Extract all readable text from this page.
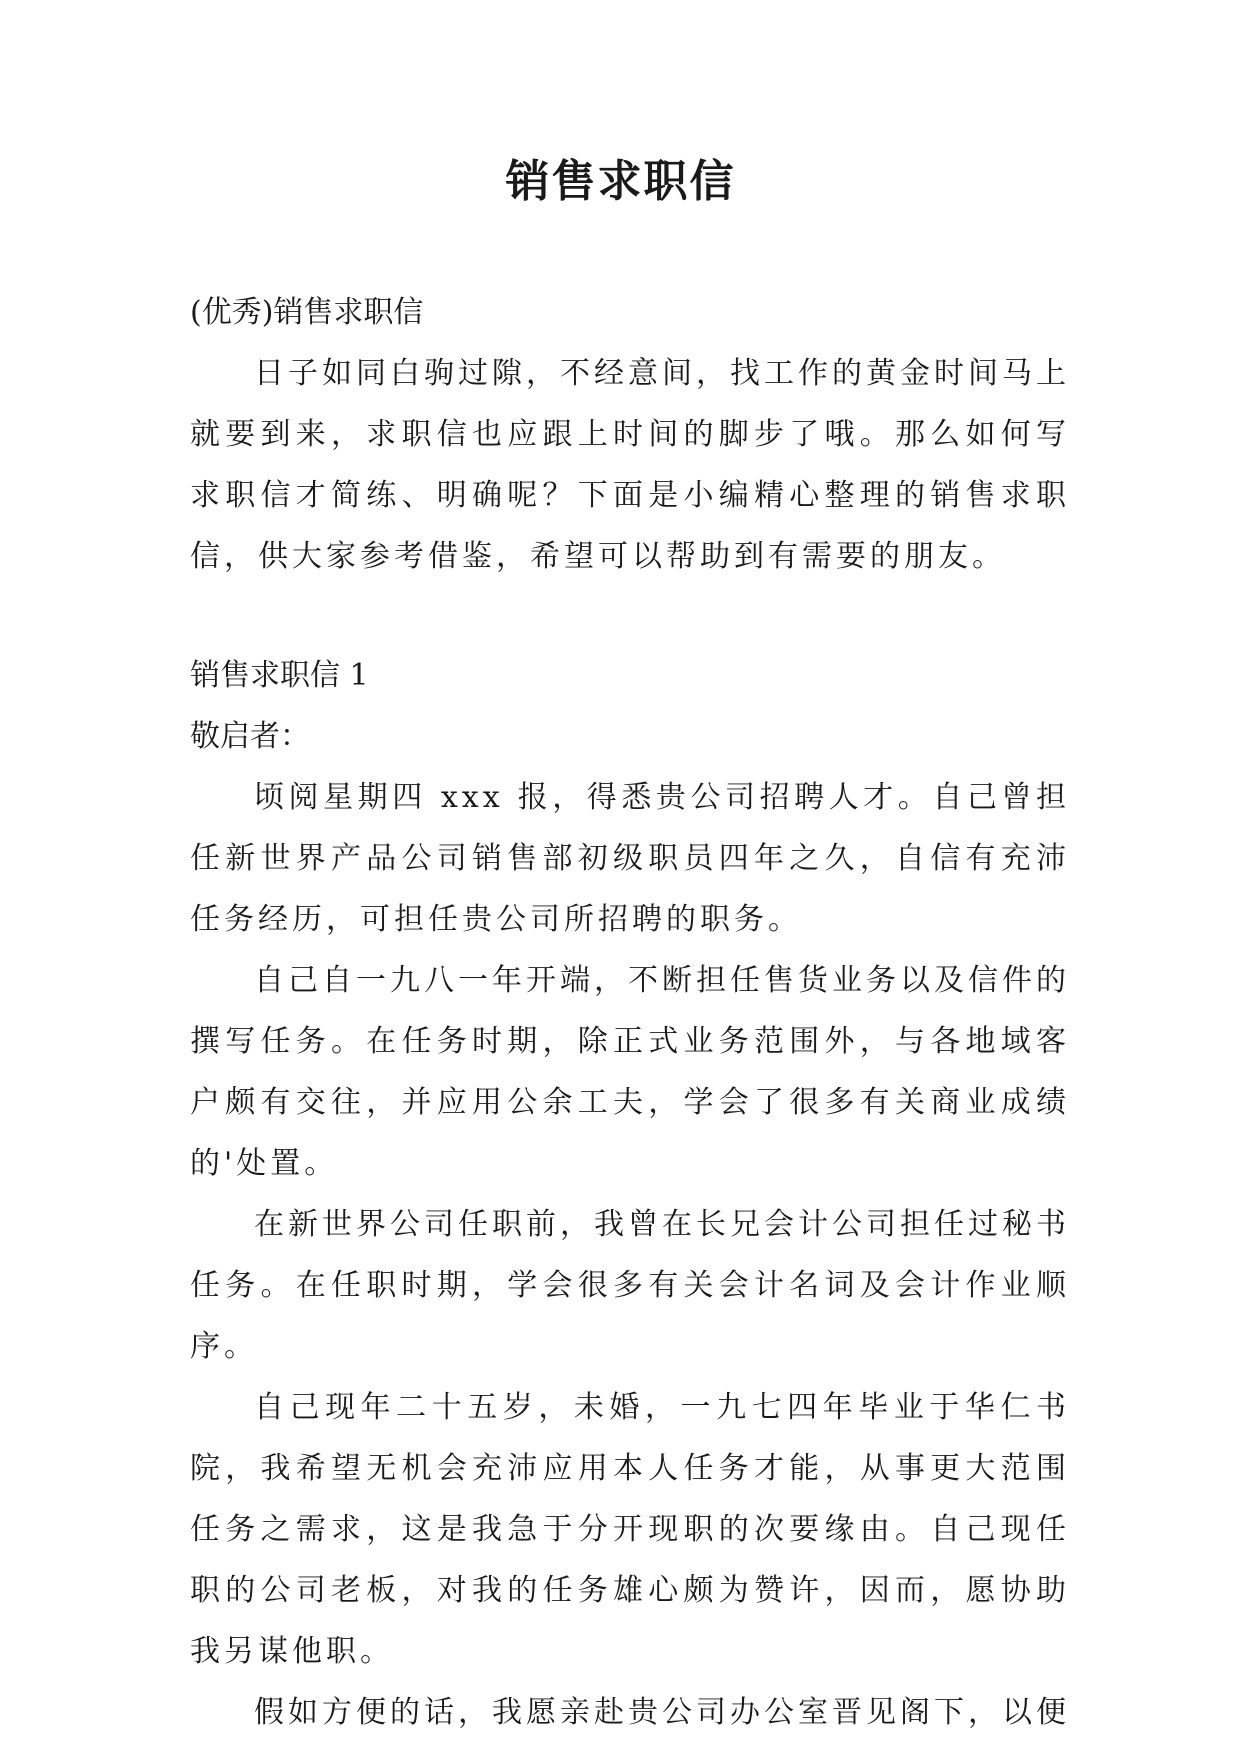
销售求职信

(优秀)销售求职信

日子如同白驹过隙，不经意间，找工作的黄金时间马上就要到来，求职信也应跟上时间的脚步了哦。那么如何写求职信才简练、明确呢？下面是小编精心整理的销售求职信，供大家参考借鉴，希望可以帮助到有需要的朋友。

销售求职信 1

敬启者：

顷阅星期四 xxx 报，得悉贵公司招聘人才。自己曾担任新世界产品公司销售部初级职员四年之久，自信有充沛任务经历，可担任贵公司所招聘的职务。

自己自一九八一年开端，不断担任售货业务以及信件的撰写任务。在任务时期，除正式业务范围外，与各地域客户颇有交往，并应用公余工夫，学会了很多有关商业成绩的'处置。

在新世界公司任职前，我曾在长兄会计公司担任过秘书任务。在任职时期，学会很多有关会计名词及会计作业顺序。

自己现年二十五岁，未婚，一九七四年毕业于华仁书院，我希望无机会充沛应用本人任务才能，从事更大范围任务之需求，这是我急于分开现职的次要缘由。自己现任职的公司老板，对我的任务雄心颇为赞许，因而，愿协助我另谋他职。

假如方便的话，我愿亲赴贵公司办公室晋见阁下，以便
